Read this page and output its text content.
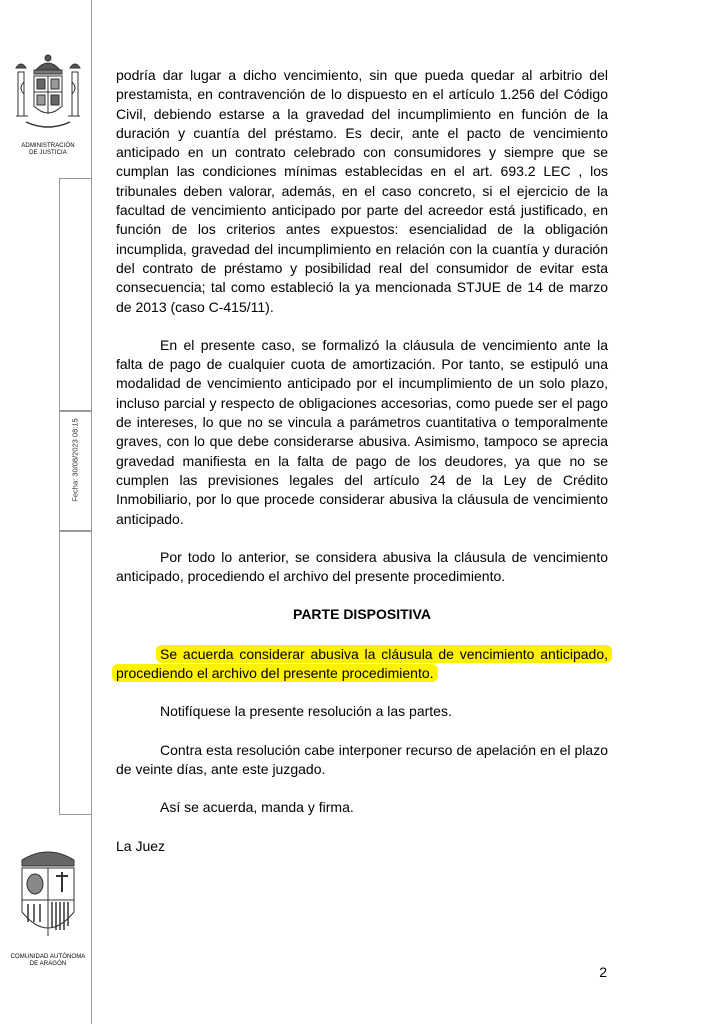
ADMINISTRACIÓN
DE JUSTICIA
Fecha: 30/08/2023 08:15
COMUNIDAD AUTÓNOMA
DE ARAGÓN

podría dar lugar a dicho vencimiento, sin que pueda quedar al arbitrio del prestamista, en contravención de lo dispuesto en el artículo 1.256 del Código Civil, debiendo estarse a la gravedad del incumplimiento en función de la duración y cuantía del préstamo. Es decir, ante el pacto de vencimiento anticipado en un contrato celebrado con consumidores y siempre que se cumplan las condiciones mínimas establecidas en el art. 693.2 LEC , los tribunales deben valorar, además, en el caso concreto, si el ejercicio de la facultad de vencimiento anticipado por parte del acreedor está justificado, en función de los criterios antes expuestos: esencialidad de la obligación incumplida, gravedad del incumplimiento en relación con la cuantía y duración del contrato de préstamo y posibilidad real del consumidor de evitar esta consecuencia; tal como estableció la ya mencionada STJUE de 14 de marzo de 2013 (caso C-415/11).

En el presente caso, se formalizó la cláusula de vencimiento ante la falta de pago de cualquier cuota de amortización. Por tanto, se estipuló una modalidad de vencimiento anticipado por el incumplimiento de un solo plazo, incluso parcial y respecto de obligaciones accesorias, como puede ser el pago de intereses, lo que no se vincula a parámetros cuantitativa o temporalmente graves, con lo que debe considerarse abusiva. Asimismo, tampoco se aprecia gravedad manifiesta en la falta de pago de los deudores, ya que no se cumplen las previsiones legales del artículo 24 de la Ley de Crédito Inmobiliario, por lo que procede considerar abusiva la cláusula de vencimiento anticipado.

Por todo lo anterior, se considera abusiva la cláusula de vencimiento anticipado, procediendo el archivo del presente procedimiento.

PARTE DISPOSITIVA

Se acuerda considerar abusiva la cláusula de vencimiento anticipado, procediendo el archivo del presente procedimiento.

Notifíquese la presente resolución a las partes.

Contra esta resolución cabe interponer recurso de apelación en el plazo de veinte días, ante este juzgado.

Así se acuerda, manda y firma.

La Juez

2
